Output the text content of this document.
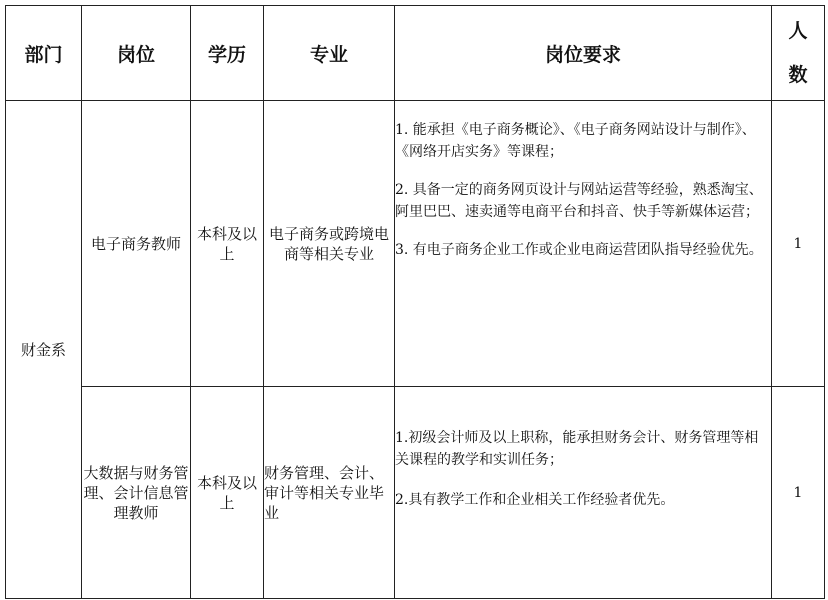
部门	岗位	学历	专业	岗位要求	人
数

财金系	电子商务教师	本科及以上	电子商务或跨境电商等相关专业	1. 能承担《电子商务概论》、《电子商务网站设计与制作》、《网络开店实务》等课程；

2. 具备一定的商务网页设计与网站运营等经验，熟悉淘宝、阿里巴巴、速卖通等电商平台和抖音、快手等新媒体运营；

3. 有电子商务企业工作或企业电商运营团队指导经验优先。	1
	大数据与财务管理、会计信息管理教师	本科及以上	财务管理、会计、审计等相关专业毕业	1.初级会计师及以上职称，能承担财务会计、财务管理等相关课程的教学和实训任务；

2.具有教学工作和企业相关工作经验者优先。	1
